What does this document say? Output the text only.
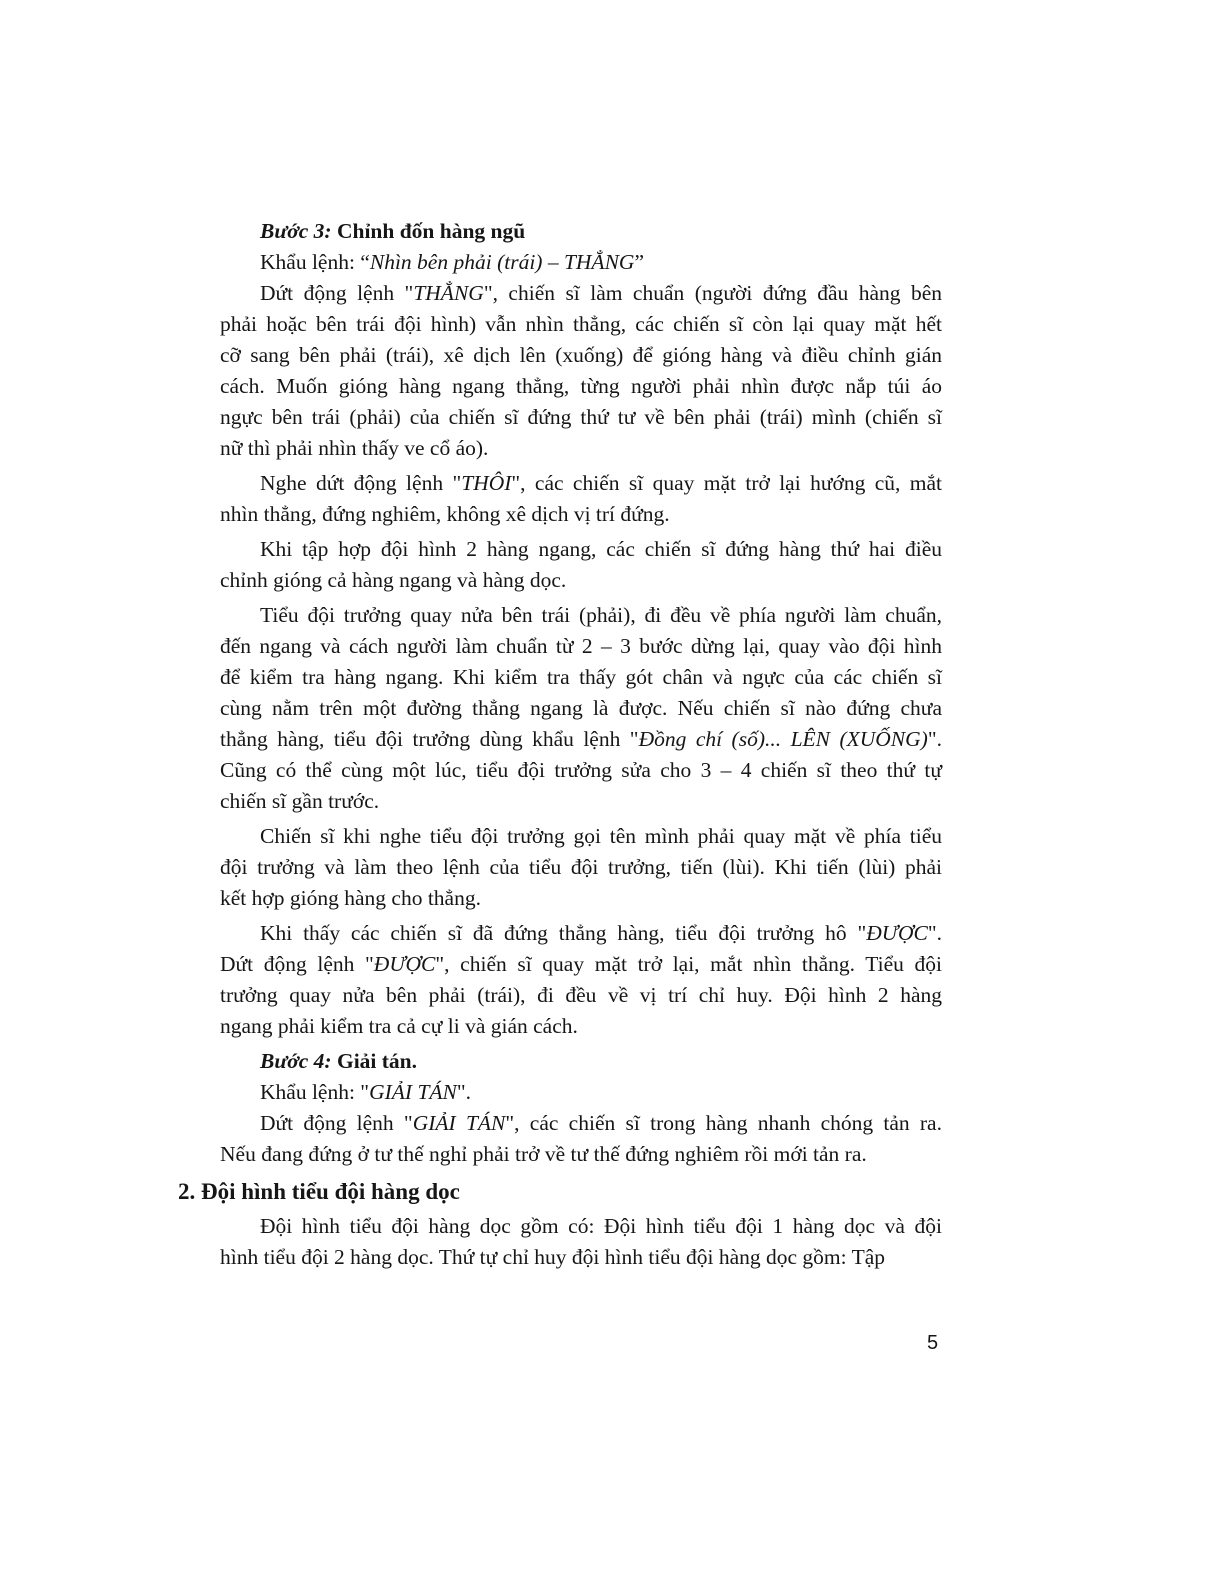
Bước 3: Chỉnh đốn hàng ngũ
Khẩu lệnh: “Nhìn bên phải (trái) – THẲNG”
Dứt động lệnh "THẲNG", chiến sĩ làm chuẩn (người đứng đầu hàng bên
phải hoặc bên trái đội hình) vẫn nhìn thẳng, các chiến sĩ còn lại quay mặt hết
cỡ sang bên phải (trái), xê dịch lên (xuống) để gióng hàng và điều chỉnh gián
cách. Muốn gióng hàng ngang thẳng, từng người phải nhìn được nắp túi áo
ngực bên trái (phải) của chiến sĩ đứng thứ tư về bên phải (trái) mình (chiến sĩ
nữ thì phải nhìn thấy ve cổ áo).
Nghe dứt động lệnh "THÔI", các chiến sĩ quay mặt trở lại hướng cũ, mắt
nhìn thẳng, đứng nghiêm, không xê dịch vị trí đứng.
Khi tập hợp đội hình 2 hàng ngang, các chiến sĩ đứng hàng thứ hai điều
chỉnh gióng cả hàng ngang và hàng dọc.
Tiểu đội trưởng quay nửa bên trái (phải), đi đều về phía người làm chuẩn,
đến ngang và cách người làm chuẩn từ 2 – 3 bước dừng lại, quay vào đội hình
để kiểm tra hàng ngang. Khi kiểm tra thấy gót chân và ngực của các chiến sĩ
cùng nằm trên một đường thẳng ngang là được. Nếu chiến sĩ nào đứng chưa
thẳng hàng, tiểu đội trưởng dùng khẩu lệnh "Đồng chí (số)... LÊN (XUỐNG)".
Cũng có thể cùng một lúc, tiểu đội trưởng sửa cho 3 – 4 chiến sĩ theo thứ tự
chiến sĩ gần trước.
Chiến sĩ khi nghe tiểu đội trưởng gọi tên mình phải quay mặt về phía tiểu
đội trưởng và làm theo lệnh của tiểu đội trưởng, tiến (lùi). Khi tiến (lùi) phải
kết hợp gióng hàng cho thẳng.
Khi thấy các chiến sĩ đã đứng thẳng hàng, tiểu đội trưởng hô "ĐƯỢC".
Dứt động lệnh "ĐƯỢC", chiến sĩ quay mặt trở lại, mắt nhìn thẳng. Tiểu đội
trưởng quay nửa bên phải (trái), đi đều về vị trí chỉ huy. Đội hình 2 hàng
ngang phải kiểm tra cả cự li và gián cách.
Bước 4: Giải tán.
Khẩu lệnh: "GIẢI TÁN".
Dứt động lệnh "GIẢI TÁN", các chiến sĩ trong hàng nhanh chóng tản ra.
Nếu đang đứng ở tư thế nghỉ phải trở về tư thế đứng nghiêm rồi mới tản ra.
2. Đội hình tiểu đội hàng dọc
Đội hình tiểu đội hàng dọc gồm có: Đội hình tiểu đội 1 hàng dọc và đội
hình tiểu đội 2 hàng dọc. Thứ tự chỉ huy đội hình tiểu đội hàng dọc gồm: Tập
5
